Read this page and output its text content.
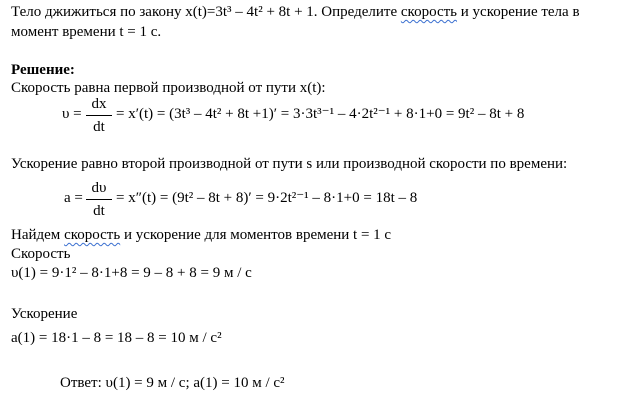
Тело джижиться по закону x(t)=3t³ – 4t² + 8t + 1. Определите скорость и ускорение тела в
момент времени t = 1 с.
Решение:
Скорость равна первой производной от пути x(t):
υ =
dx
dt
= x′(t) = (3t³ – 4t² + 8t +1)′ = 3·3t³⁻¹ – 4·2t²⁻¹ + 8·1+0 = 9t² – 8t + 8
Ускорение равно второй производной от пути s или производной скорости по времени:
a =
dυ
dt
= x″(t) = (9t² – 8t + 8)′ = 9·2t²⁻¹ – 8·1+0 = 18t – 8
Найдем скорость и ускорение для моментов времени t = 1 с
Скорость
υ(1) = 9·1² – 8·1+8 = 9 – 8 + 8 = 9 м / с
Ускорение
a(1) = 18·1 – 8 = 18 – 8 = 10 м / c²
Ответ: υ(1) = 9 м / с; a(1) = 10 м / c²
